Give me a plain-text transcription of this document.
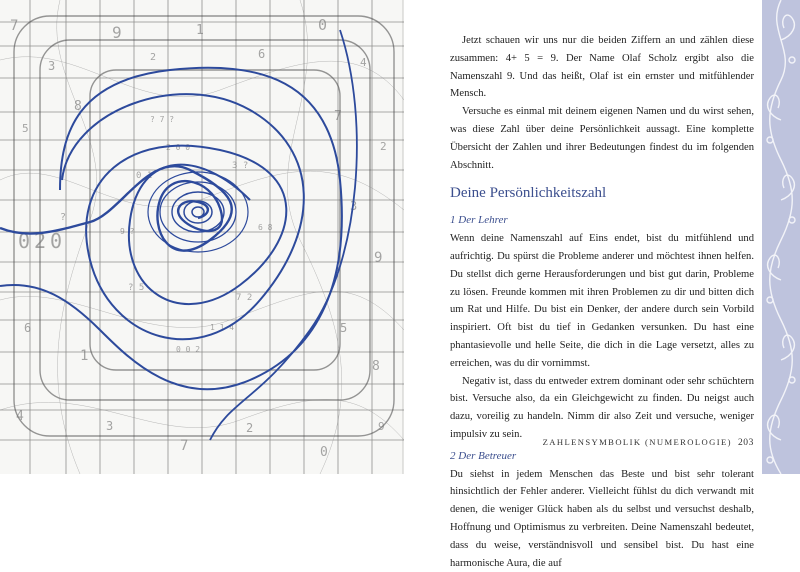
7
3
9
2
1
6
0
4
5
8
7
2
0 2 0
?
3
9
6
1
5
8
4
3
7
2
0
9
0 1
3 ?
7 2
? 5
2 0 0
1 1 4
9 ?	6 8
? 7 ?
0 0 2

Jetzt schauen wir uns nur die beiden Ziffern an und zählen diese zusammen: 4+ 5 = 9. Der Name Olaf Scholz ergibt also die Namenszahl 9. Und das heißt, Olaf ist ein ernster und mitfühlender Mensch.

Versuche es einmal mit deinem eigenen Namen und du wirst sehen, was diese Zahl über deine Persönlichkeit aussagt. Eine komplette Übersicht der Zahlen und ihrer Bedeutungen findest du im folgenden Abschnitt.

Deine Persönlichkeitszahl
1 Der Lehrer

Wenn deine Namenszahl auf Eins endet, bist du mitfühlend und aufrichtig. Du spürst die Probleme anderer und möchtest ihnen helfen. Du stellst dich gerne Herausforderungen und bist gut darin, Probleme zu lösen. Freunde kommen mit ihren Problemen zu dir und bitten dich um Rat und Hilfe. Du bist ein Denker, der andere durch sein Vorbild inspiriert. Oft bist du tief in Gedanken versunken. Du hast eine phantasievolle und helle Seite, die dich in die Lage versetzt, alles zu erreichen, was du dir vornimmst.

Negativ ist, dass du entweder extrem dominant oder sehr schüchtern bist. Versuche also, da ein Gleichgewicht zu finden. Du neigst auch dazu, voreilig zu handeln. Nimm dir also Zeit und versuche, weniger impulsiv zu sein.

2 Der Betreuer

Du siehst in jedem Menschen das Beste und bist sehr tolerant hinsichtlich der Fehler anderer. Vielleicht fühlst du dich verwandt mit denen, die weniger Glück haben als du selbst und versuchst deshalb, Hoffnung und Optimismus zu verbreiten. Deine Namenszahl bedeutet, dass du weise, verständnisvoll und sensibel bist. Du hast eine harmonische Aura, die auf

ZAHLENSYMBOLIK (NUMEROLOGIE) 203
